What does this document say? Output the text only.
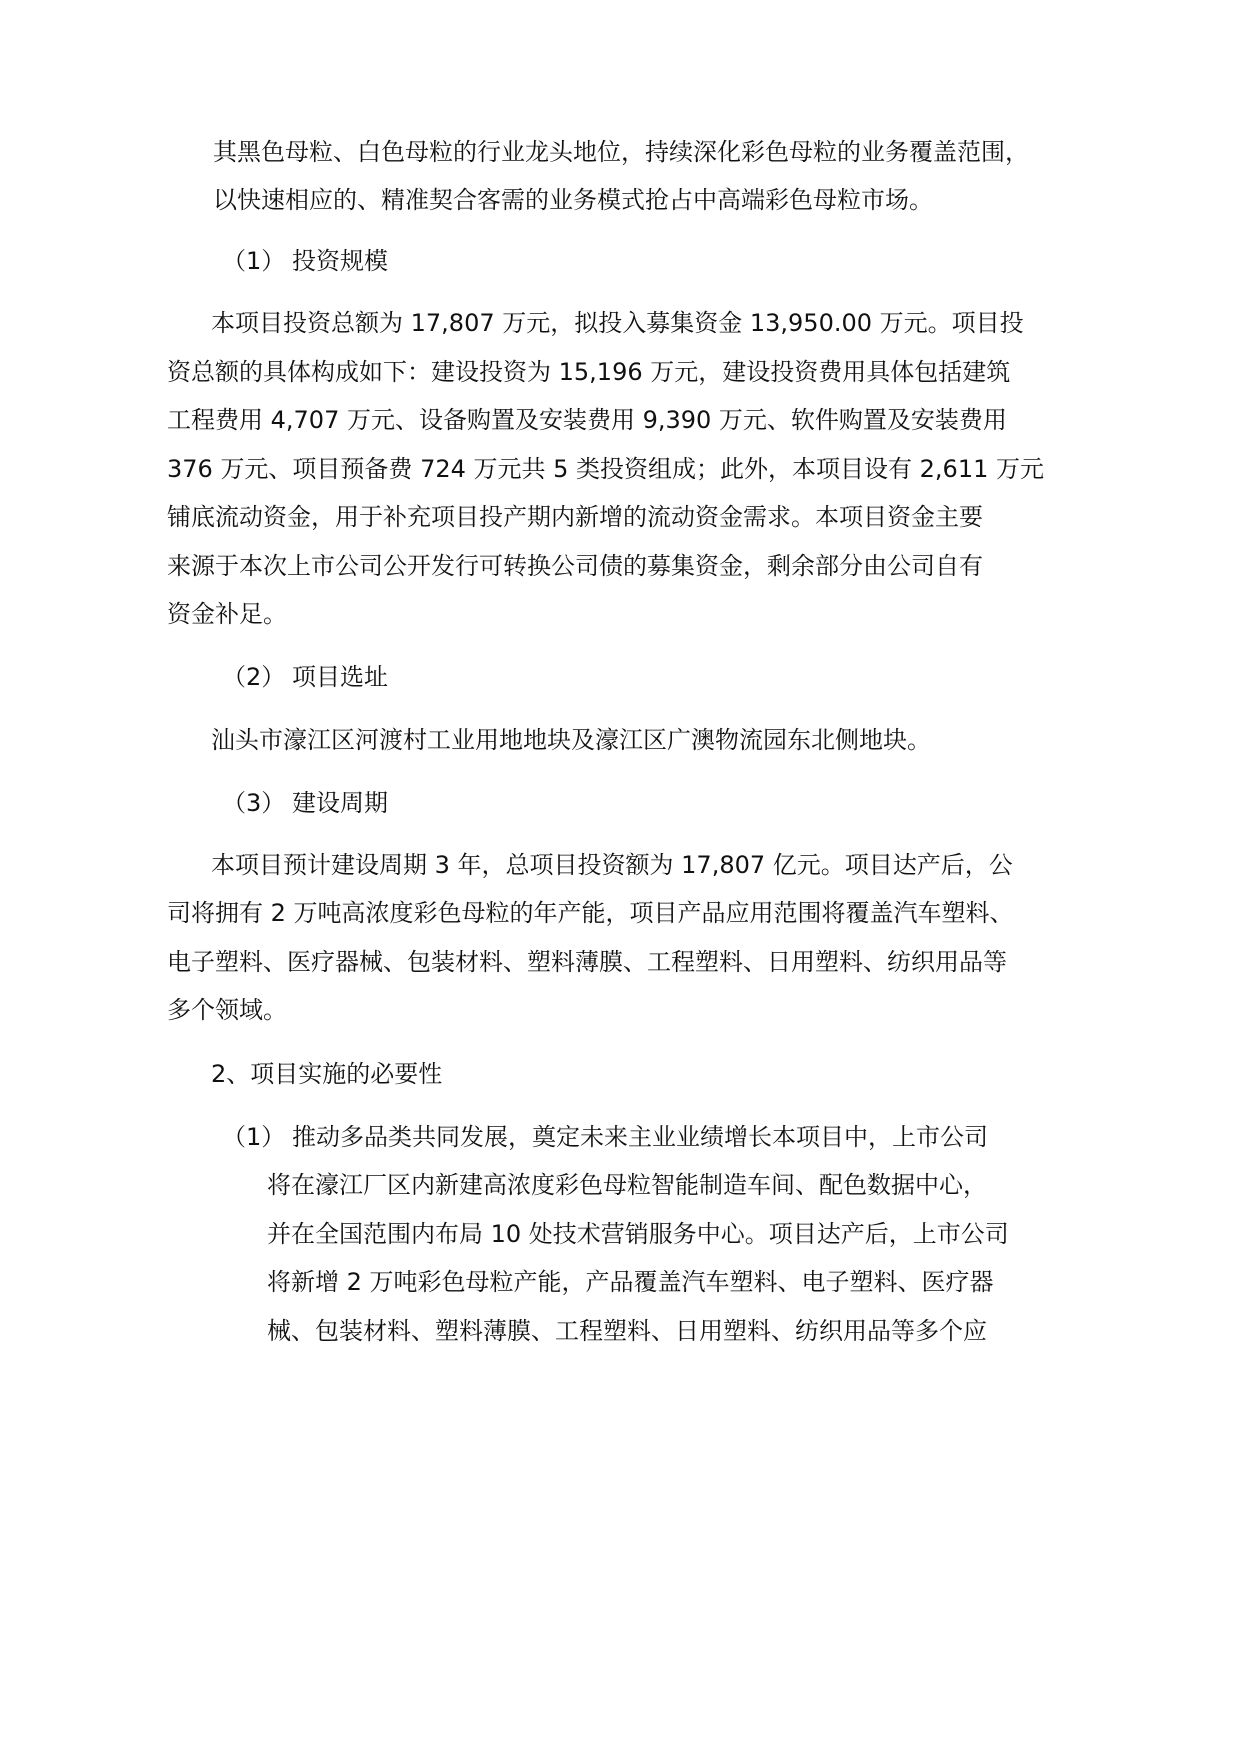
其黑色母粒、白色母粒的行业龙头地位，持续深化彩色母粒的业务覆盖范围，
以快速相应的、精准契合客需的业务模式抢占中高端彩色母粒市场。
（1） 投资规模
本项目投资总额为 17,807 万元，拟投入募集资金 13,950.00 万元。项目投
资总额的具体构成如下：建设投资为 15,196 万元，建设投资费用具体包括建筑
工程费用 4,707 万元、设备购置及安装费用 9,390 万元、软件购置及安装费用
376 万元、项目预备费 724 万元共 5 类投资组成；此外，本项目设有 2,611 万元
铺底流动资金，用于补充项目投产期内新增的流动资金需求。本项目资金主要
来源于本次上市公司公开发行可转换公司债的募集资金，剩余部分由公司自有
资金补足。
（2） 项目选址
汕头市濠江区河渡村工业用地地块及濠江区广澳物流园东北侧地块。
（3） 建设周期
本项目预计建设周期 3 年，总项目投资额为 17,807 亿元。项目达产后，公
司将拥有 2 万吨高浓度彩色母粒的年产能，项目产品应用范围将覆盖汽车塑料、
电子塑料、医疗器械、包装材料、塑料薄膜、工程塑料、日用塑料、纺织用品等
多个领域。
2、项目实施的必要性
（1） 推动多品类共同发展，奠定未来主业业绩增长本项目中，上市公司
将在濠江厂区内新建高浓度彩色母粒智能制造车间、配色数据中心，
并在全国范围内布局 10 处技术营销服务中心。项目达产后，上市公司
将新增 2 万吨彩色母粒产能，产品覆盖汽车塑料、电子塑料、医疗器
械、包装材料、塑料薄膜、工程塑料、日用塑料、纺织用品等多个应
